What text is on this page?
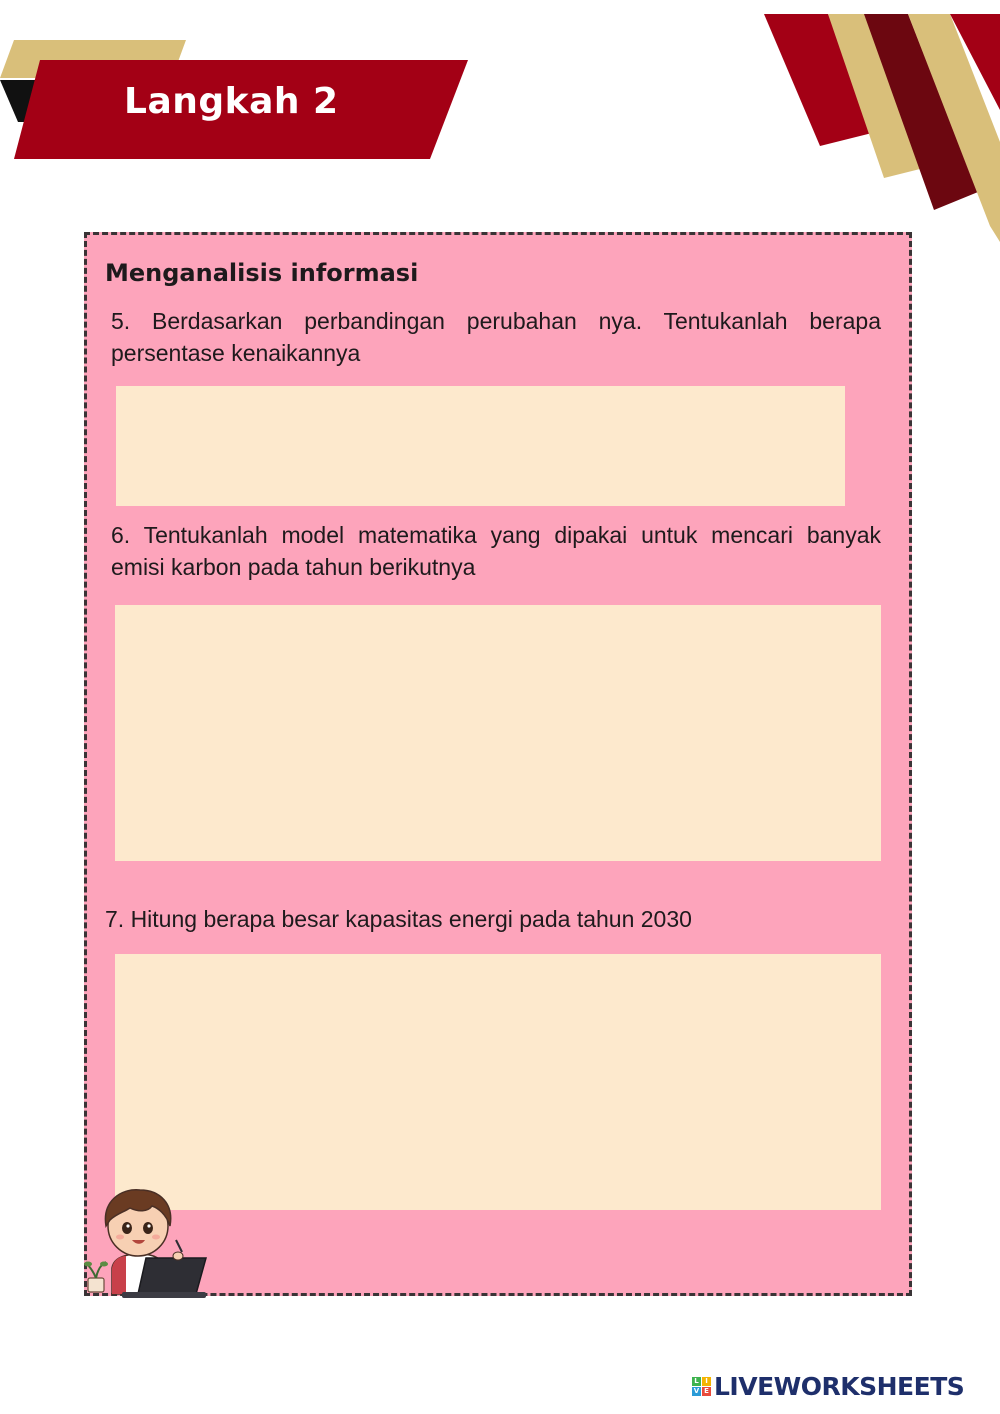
Langkah 2
Menganalisis informasi
5. Berdasarkan perbandingan perubahan nya. Tentukanlah berapa persentase kenaikannya
6. Tentukanlah model matematika yang dipakai untuk mencari banyak emisi karbon pada tahun berikutnya
7. Hitung berapa besar kapasitas energi pada tahun 2030
L I
V E LIVEWORKSHEETS
